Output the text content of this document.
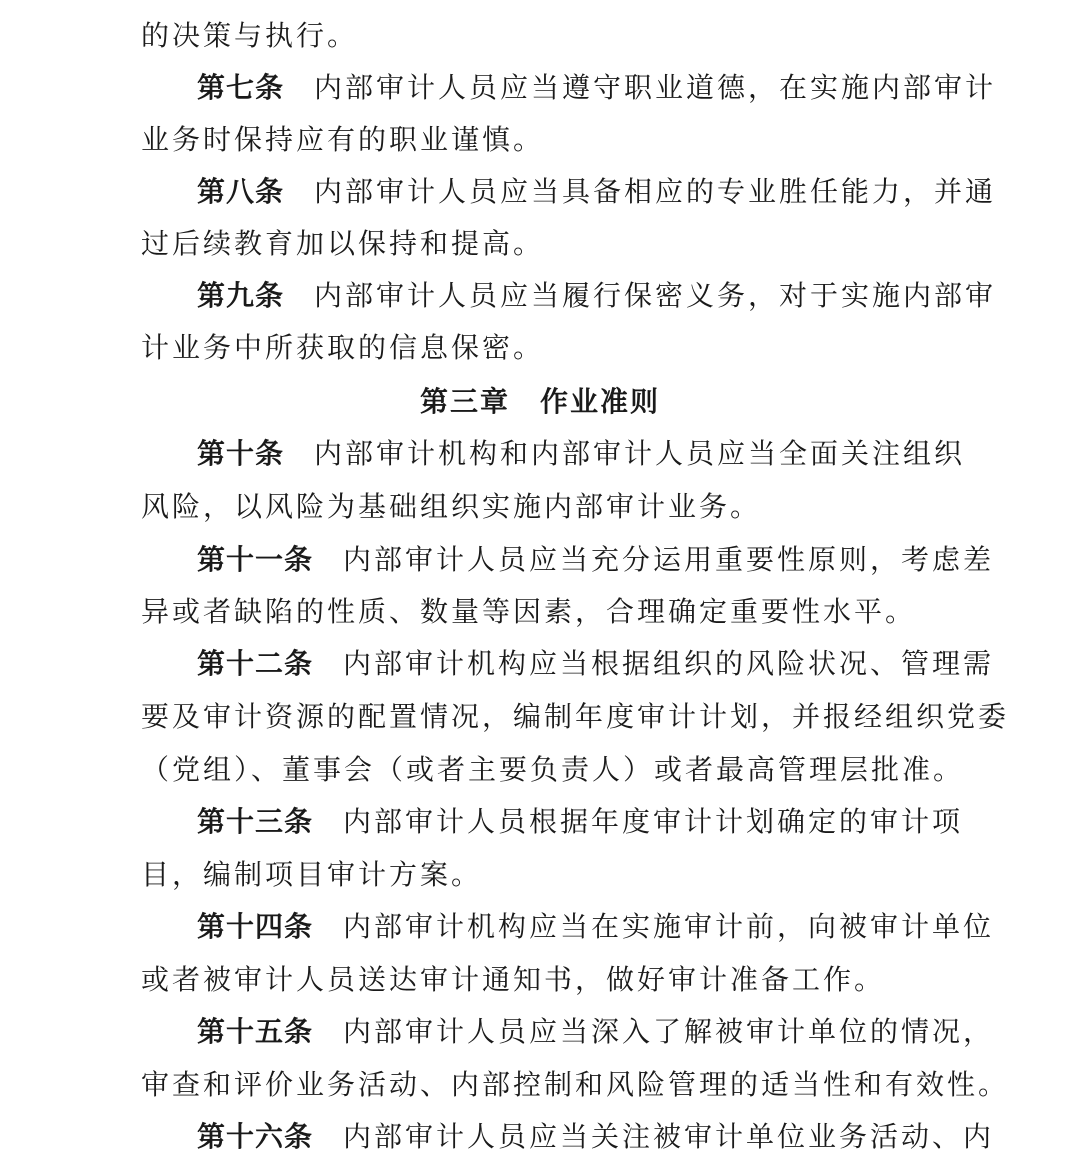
的决策与执行。
第七条 内部审计人员应当遵守职业道德，在实施内部审计
业务时保持应有的职业谨慎。
第八条 内部审计人员应当具备相应的专业胜任能力，并通
过后续教育加以保持和提高。
第九条 内部审计人员应当履行保密义务，对于实施内部审
计业务中所获取的信息保密。
第三章　作业准则
第十条 内部审计机构和内部审计人员应当全面关注组织
风险，以风险为基础组织实施内部审计业务。
第十一条 内部审计人员应当充分运用重要性原则，考虑差
异或者缺陷的性质、数量等因素，合理确定重要性水平。
第十二条 内部审计机构应当根据组织的风险状况、管理需
要及审计资源的配置情况，编制年度审计计划，并报经组织党委
（党组）、董事会（或者主要负责人）或者最高管理层批准。
第十三条 内部审计人员根据年度审计计划确定的审计项
目，编制项目审计方案。
第十四条 内部审计机构应当在实施审计前，向被审计单位
或者被审计人员送达审计通知书，做好审计准备工作。
第十五条 内部审计人员应当深入了解被审计单位的情况，
审查和评价业务活动、内部控制和风险管理的适当性和有效性。
第十六条 内部审计人员应当关注被审计单位业务活动、内
